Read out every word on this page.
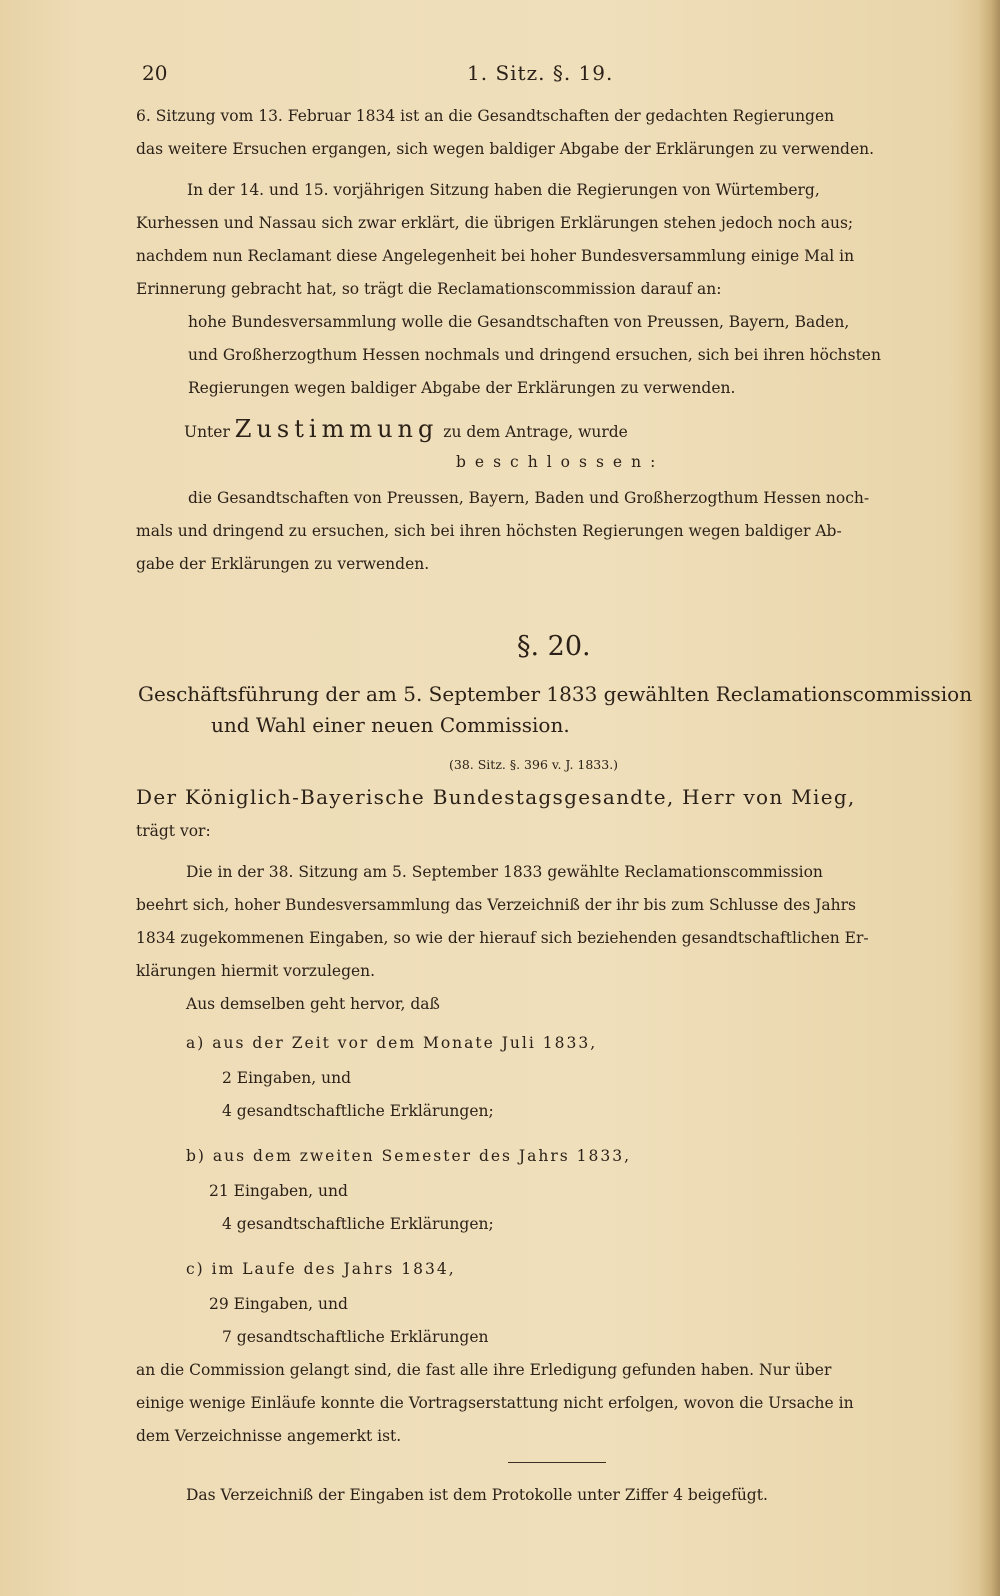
20	1. Sitz. §. 19.
6. Sitzung vom 13. Februar 1834 ist an die Gesandtschaften der gedachten Regierungen
das weitere Ersuchen ergangen, sich wegen baldiger Abgabe der Erklärungen zu verwenden.
In der 14. und 15. vorjährigen Sitzung haben die Regierungen von Würtemberg,
Kurhessen und Nassau sich zwar erklärt, die übrigen Erklärungen stehen jedoch noch aus;
nachdem nun Reclamant diese Angelegenheit bei hoher Bundesversammlung einige Mal in
Erinnerung gebracht hat, so trägt die Reclamationscommission darauf an:
hohe Bundesversammlung wolle die Gesandtschaften von Preussen, Bayern, Baden,
und Großherzogthum Hessen nochmals und dringend ersuchen, sich bei ihren höchsten
Regierungen wegen baldiger Abgabe der Erklärungen zu verwenden.
Unter Zustimmung zu dem Antrage, wurde
beschlossen:
die Gesandtschaften von Preussen, Bayern, Baden und Großherzogthum Hessen noch-
mals und dringend zu ersuchen, sich bei ihren höchsten Regierungen wegen baldiger Ab-
gabe der Erklärungen zu verwenden.
§. 20.
Geschäftsführung der am 5. September 1833 gewählten Reclamationscommission
und Wahl einer neuen Commission.
(38. Sitz. §. 396 v. J. 1833.)
Der Königlich-Bayerische Bundestagsgesandte, Herr von Mieg,
trägt vor:
Die in der 38. Sitzung am 5. September 1833 gewählte Reclamationscommission
beehrt sich, hoher Bundesversammlung das Verzeichniß der ihr bis zum Schlusse des Jahrs
1834 zugekommenen Eingaben, so wie der hierauf sich beziehenden gesandtschaftlichen Er-
klärungen hiermit vorzulegen.
Aus demselben geht hervor, daß
a) aus der Zeit vor dem Monate Juli 1833,
2 Eingaben, und
4 gesandtschaftliche Erklärungen;
b) aus dem zweiten Semester des Jahrs 1833,
21 Eingaben, und
4 gesandtschaftliche Erklärungen;
c) im Laufe des Jahrs 1834,
29 Eingaben, und
7 gesandtschaftliche Erklärungen
an die Commission gelangt sind, die fast alle ihre Erledigung gefunden haben. Nur über
einige wenige Einläufe konnte die Vortragserstattung nicht erfolgen, wovon die Ursache in
dem Verzeichnisse angemerkt ist.
Das Verzeichniß der Eingaben ist dem Protokolle unter Ziffer 4 beigefügt.
